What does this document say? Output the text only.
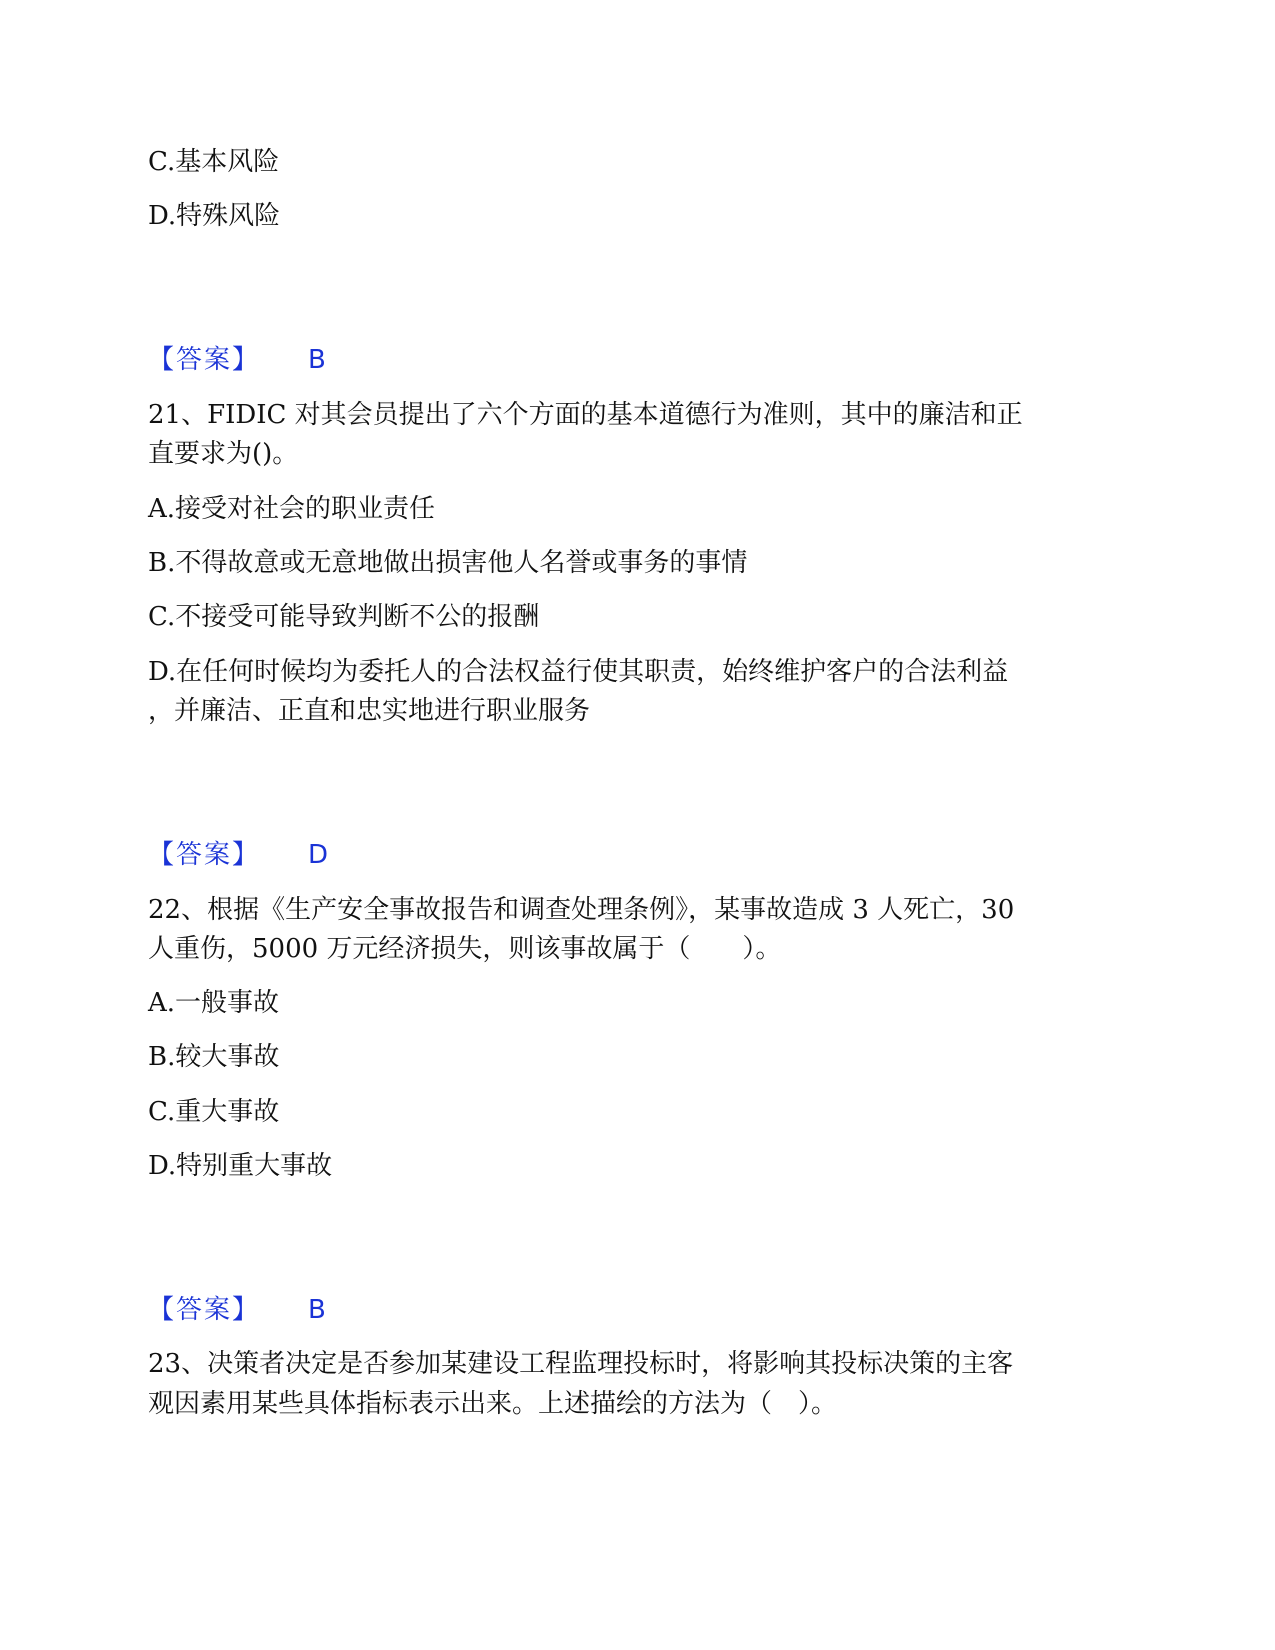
C.基本风险
D.特殊风险
【答案】 B
21、FIDIC 对其会员提出了六个方面的基本道德行为准则，其中的廉洁和正
直要求为()。
A.接受对社会的职业责任
B.不得故意或无意地做出损害他人名誉或事务的事情
C.不接受可能导致判断不公的报酬
D.在任何时候均为委托人的合法权益行使其职责，始终维护客户的合法利益
，并廉洁、正直和忠实地进行职业服务
【答案】 D
22、根据《生产安全事故报告和调查处理条例》，某事故造成 3 人死亡，30
人重伤，5000 万元经济损失，则该事故属于（　　）。
A.一般事故
B.较大事故
C.重大事故
D.特别重大事故
【答案】 B
23、决策者决定是否参加某建设工程监理投标时，将影响其投标决策的主客
观因素用某些具体指标表示出来。上述描绘的方法为（　）。
